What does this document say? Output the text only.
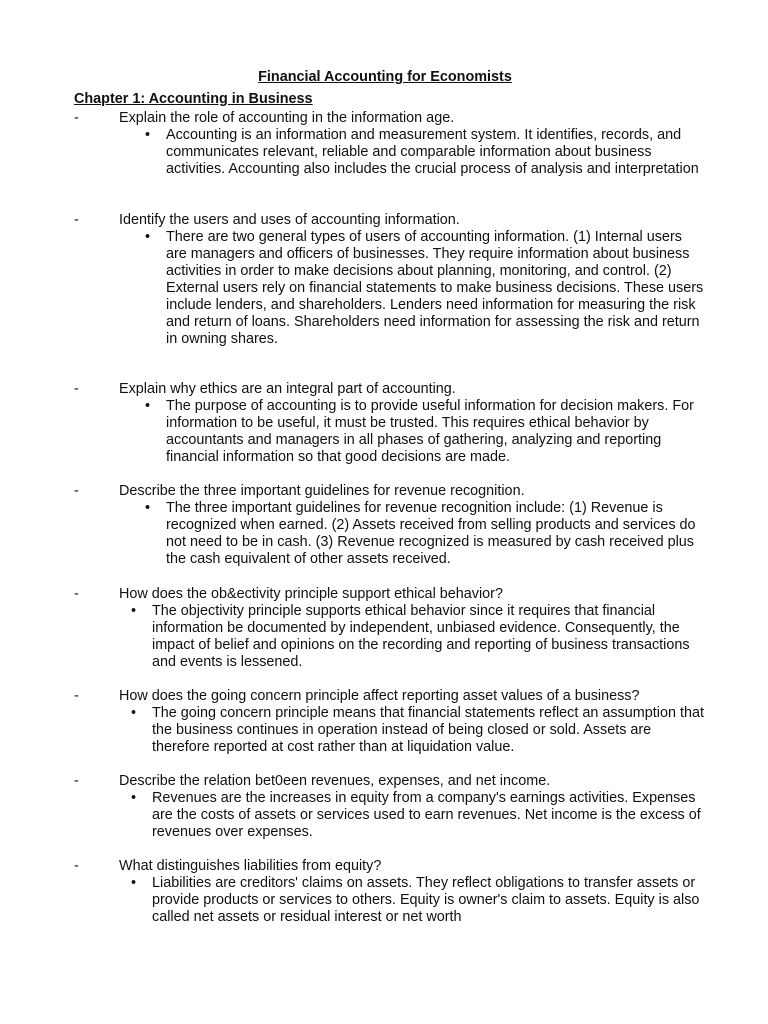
Financial Accounting for Economists
Chapter 1: Accounting in Business
-	Explain the role of accounting in the information age.
• Accounting is an information and measurement system. It identifies, records, and communicates relevant, reliable and comparable information about business activities. Accounting also includes the crucial process of analysis and interpretation
-	Identify the users and uses of accounting information.
• There are two general types of users of accounting information. (1) Internal users are managers and officers of businesses. They require information about business activities in order to make decisions about planning, monitoring, and control. (2) External users rely on financial statements to make business decisions. These users include lenders, and shareholders. Lenders need information for measuring the risk and return of loans. Shareholders need information for assessing the risk and return in owning shares.
-	Explain why ethics are an integral part of accounting.
• The purpose of accounting is to provide useful information for decision makers. For information to be useful, it must be trusted. This requires ethical behavior by accountants and managers in all phases of gathering, analyzing and reporting financial information so that good decisions are made.
-	Describe the three important guidelines for revenue recognition.
• The three important guidelines for revenue recognition include: (1) Revenue is recognized when earned. (2) Assets received from selling products and services do not need to be in cash. (3) Revenue recognized is measured by cash received plus the cash equivalent of other assets received.
-	How does the ob&ectivity principle support ethical behavior?
• The objectivity principle supports ethical behavior since it requires that financial information be documented by independent, unbiased evidence. Consequently, the impact of belief and opinions on the recording and reporting of business transactions and events is lessened.
-	How does the going concern principle affect reporting asset values of a business?
• The going concern principle means that financial statements reflect an assumption that the business continues in operation instead of being closed or sold. Assets are therefore reported at cost rather than at liquidation value.
-	Describe the relation bet0een revenues, expenses, and net income.
• Revenues are the increases in equity from a company's earnings activities. Expenses are the costs of assets or services used to earn revenues. Net income is the excess of revenues over expenses.
-	What distinguishes liabilities from equity?
• Liabilities are creditors' claims on assets. They reflect obligations to transfer assets or provide products or services to others. Equity is owner's claim to assets. Equity is also called net assets or residual interest or net worth
